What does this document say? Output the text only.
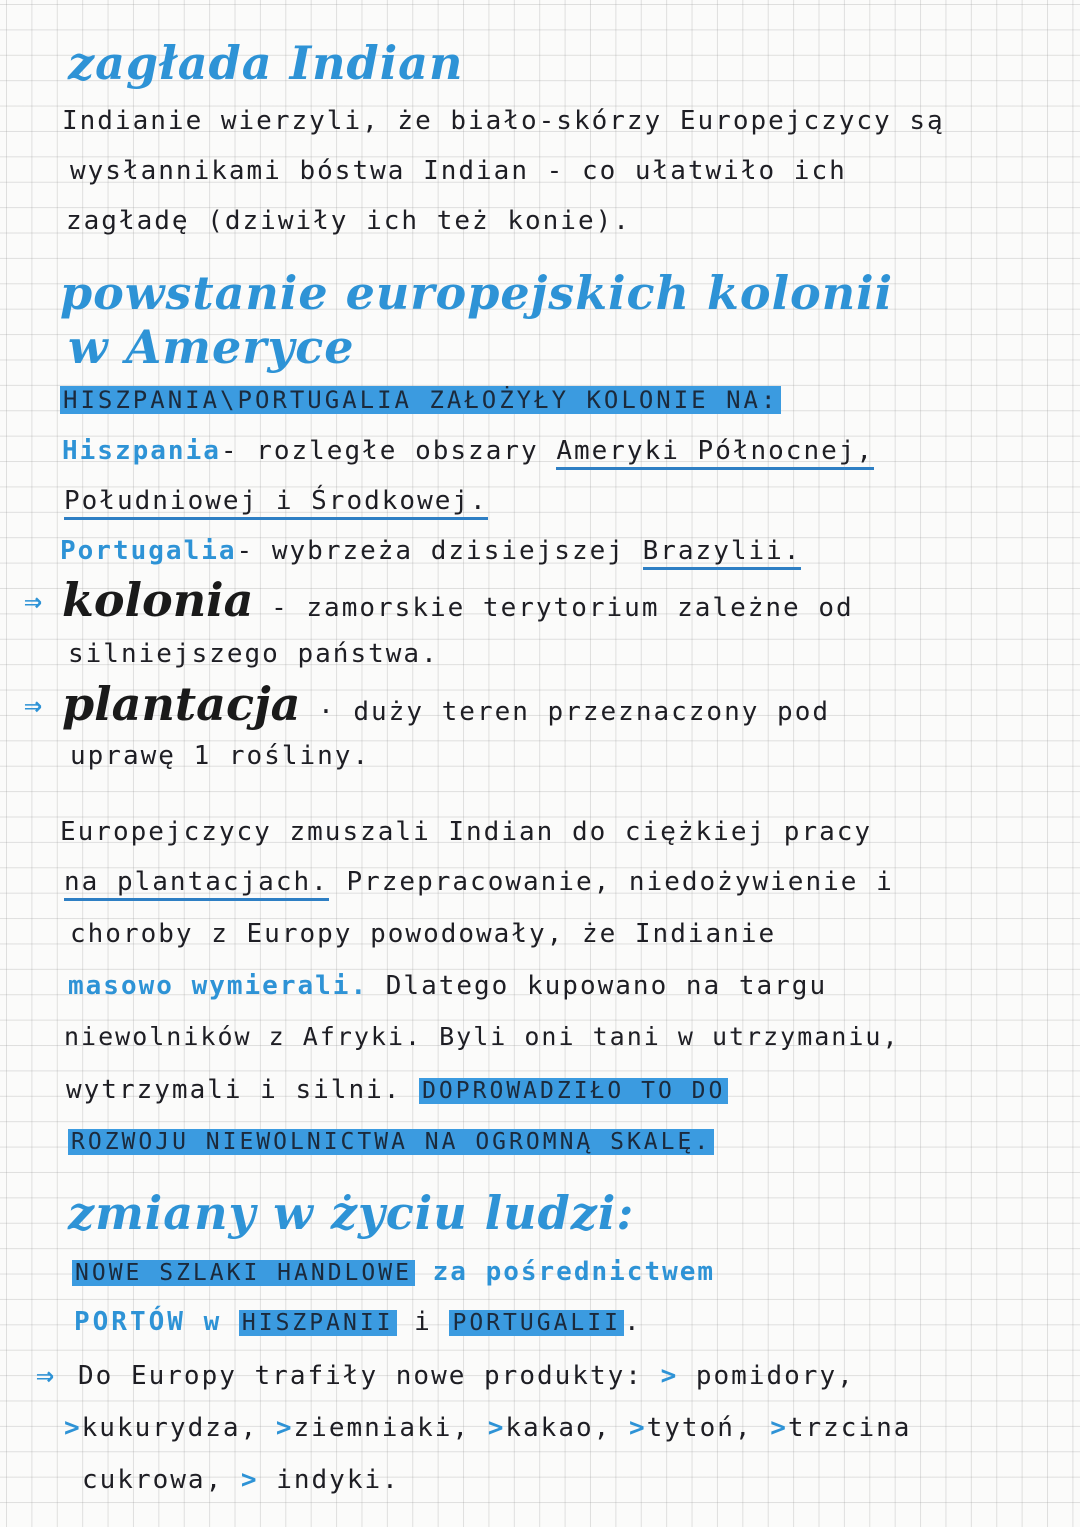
zagłada Indian
Indianie wierzyli, że biało-skórzy Europejczycy są
wysłannikami bóstwa Indian - co ułatwiło ich
zagładę (dziwiły ich też konie).
powstanie europejskich kolonii
w Ameryce
HISZPANIA\PORTUGALIA ZAŁOŻYŁY KOLONIE NA:
Hiszpania- rozległe obszary Ameryki Północnej,
Południowej i Środkowej.
Portugalia- wybrzeża dzisiejszej Brazylii.
⇒ kolonia - zamorskie terytorium zależne od
silniejszego państwa.
⇒ plantacja · duży teren przeznaczony pod
uprawę 1 rośliny.
Europejczycy zmuszali Indian do ciężkiej pracy
na plantacjach. Przepracowanie, niedożywienie i
choroby z Europy powodowały, że Indianie
masowo wymierali. Dlatego kupowano na targu
niewolników z Afryki. Byli oni tani w utrzymaniu,
wytrzymali i silni. DOPROWADZIŁO TO DO
ROZWOJU NIEWOLNICTWA NA OGROMNĄ SKALĘ.
zmiany w życiu ludzi:
NOWE SZLAKI HANDLOWE za pośrednictwem
PORTÓW w HISZPANII i PORTUGALII .
⇒ Do Europy trafiły nowe produkty: > pomidory,
>kukurydza, >ziemniaki, >kakao, >tytoń, >trzcina
cukrowa, > indyki.
